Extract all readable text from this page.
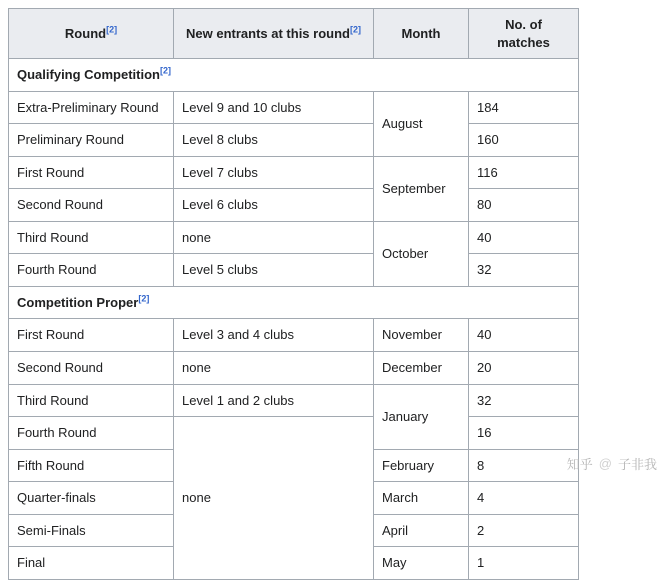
Round[2]	New entrants at this round[2]	Month	No. of matches
Qualifying Competition[2]
Extra-Preliminary Round	Level 9 and 10 clubs	August	184
Preliminary Round	Level 8 clubs		160
First Round	Level 7 clubs	September	116
Second Round	Level 6 clubs		80
Third Round	none	October	40
Fourth Round	Level 5 clubs		32
Competition Proper[2]
First Round	Level 3 and 4 clubs	November	40
Second Round	none	December	20
Third Round	Level 1 and 2 clubs	January	32
Fourth Round	none		16
Fifth Round		February	8
Quarter-finals		March	4
Semi-Finals		April	2
Final		May	1
知乎 @ 子非我
